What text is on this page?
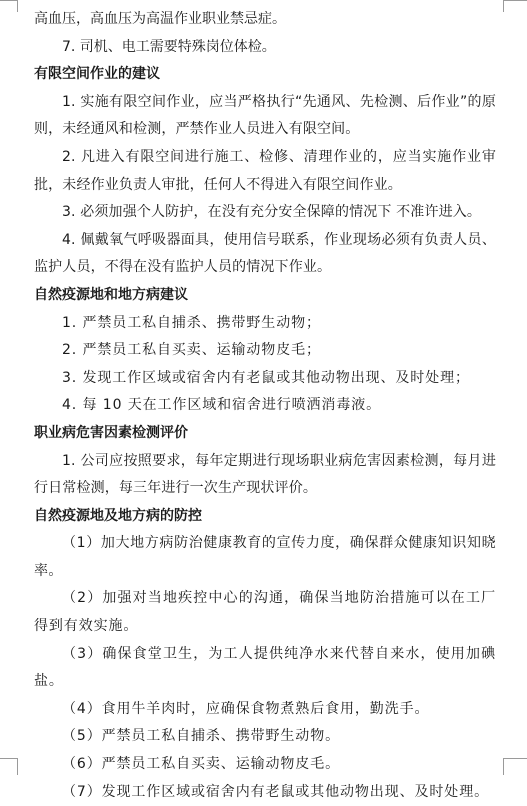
高血压，高血压为高温作业职业禁忌症。

7. 司机、电工需要特殊岗位体检。

有限空间作业的建议

1. 实施有限空间作业，应当严格执行“先通风、先检测、后作业”的原则，未经通风和检测，严禁作业人员进入有限空间。

2. 凡进入有限空间进行施工、检修、清理作业的，应当实施作业审批，未经作业负责人审批，任何人不得进入有限空间作业。

3. 必须加强个人防护，在没有充分安全保障的情况下 不准许进入。

4. 佩戴氧气呼吸器面具，使用信号联系，作业现场必须有负责人员、监护人员，不得在没有监护人员的情况下作业。

自然疫源地和地方病建议

1. 严禁员工私自捕杀、携带野生动物；

2. 严禁员工私自买卖、运输动物皮毛；

3. 发现工作区域或宿舍内有老鼠或其他动物出现、及时处理；

4. 每 10 天在工作区域和宿舍进行喷洒消毒液。

职业病危害因素检测评价

1. 公司应按照要求，每年定期进行现场职业病危害因素检测，每月进行日常检测，每三年进行一次生产现状评价。

自然疫源地及地方病的防控

（1）加大地方病防治健康教育的宣传力度，确保群众健康知识知晓率。

（2）加强对当地疾控中心的沟通，确保当地防治措施可以在工厂得到有效实施。

（3）确保食堂卫生，为工人提供纯净水来代替自来水，使用加碘盐。

（4）食用牛羊肉时，应确保食物煮熟后食用，勤洗手。

（5）严禁员工私自捕杀、携带野生动物。

（6）严禁员工私自买卖、运输动物皮毛。

（7）发现工作区域或宿舍内有老鼠或其他动物出现、及时处理。
